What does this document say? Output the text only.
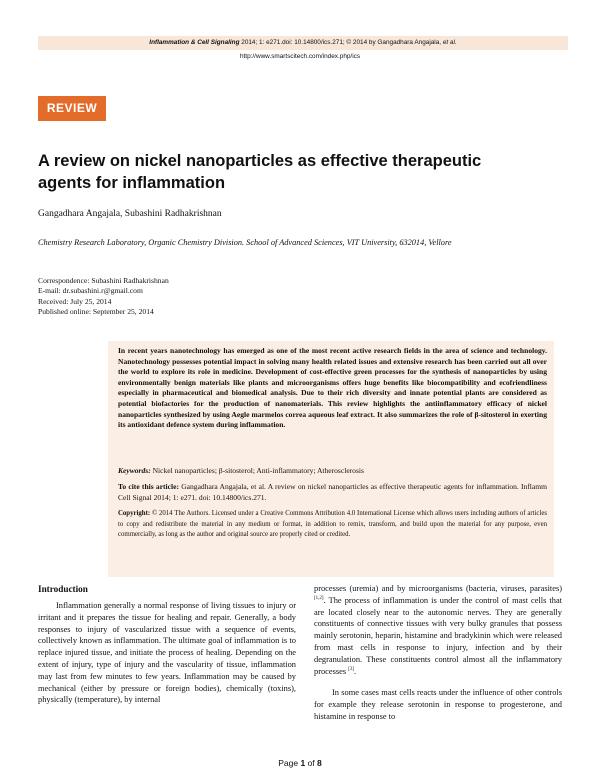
Inflammation & Cell Signaling 2014; 1: e271.doi: 10.14800/ics.271; © 2014 by Gangadhara Angajala, et al.
http://www.smartscitech.com/index.php/ics
REVIEW
A review on nickel nanoparticles as effective therapeutic agents for inflammation
Gangadhara Angajala, Subashini Radhakrishnan
Chemistry Research Laboratory, Organic Chemistry Division. School of Advanced Sciences, VIT University, 632014, Vellore
Correspondence: Subashini Radhakrishnan
E-mail: dr.subashini.r@gmail.com
Received: July 25, 2014
Published online: September 25, 2014
In recent years nanotechnology has emerged as one of the most recent active research fields in the area of science and technology. Nanotechnology possesses potential impact in solving many health related issues and extensive research has been carried out all over the world to explore its role in medicine. Development of cost-effective green processes for the synthesis of nanoparticles by using environmentally benign materials like plants and microorganisms offers huge benefits like biocompatibility and ecofriendliness especially in pharmaceutical and biomedical analysis. Due to their rich diversity and innate potential plants are considered as potential biofactories for the production of nanomaterials. This review highlights the antiinflammatory efficacy of nickel nanoparticles synthesized by using Aegle marmelos correa aqueous leaf extract. It also summarizes the role of β-sitosterol in exerting its antioxidant defence system during inflammation.
Keywords: Nickel nanoparticles; β-sitosterol; Anti-inflammatory; Atherosclerosis
To cite this article: Gangadhara Angajala, et al. A review on nickel nanoparticles as effective therapeutic agents for inflammation. Inflamm Cell Signal 2014; 1: e271. doi: 10.14800/ics.271.
Copyright: © 2014 The Authors. Licensed under a Creative Commons Attribution 4.0 International License which allows users including authors of articles to copy and redistribute the material in any medium or format, in addition to remix, transform, and build upon the material for any purpose, even commercially, as long as the author and original source are properly cited or credited.
Introduction

Inflammation generally a normal response of living tissues to injury or irritant and it prepares the tissue for healing and repair. Generally, a body responses to injury of vascularized tissue with a sequence of events, collectively known as inflammation. The ultimate goal of inflammation is to replace injured tissue, and initiate the process of healing. Depending on the extent of injury, type of injury and the vascularity of tissue, inflammation may last from few minutes to few years. Inflammation may be caused by mechanical (either by pressure or foreign bodies), chemically (toxins), physically (temperature), by internal

processes (uremia) and by microorganisms (bacteria, viruses, parasites) [1,2]. The process of inflammation is under the control of mast cells that are located closely near to the autonomic nerves. They are generally constituents of connective tissues with very bulky granules that possess mainly serotonin, heparin, histamine and bradykinin which were released from mast cells in response to injury, infection and by their degranulation. These constituents control almost all the inflammatory processes [3].

In some cases mast cells reacts under the influence of other controls for example they release serotonin in response to progesterone, and histamine in response to

Page 1 of 8
